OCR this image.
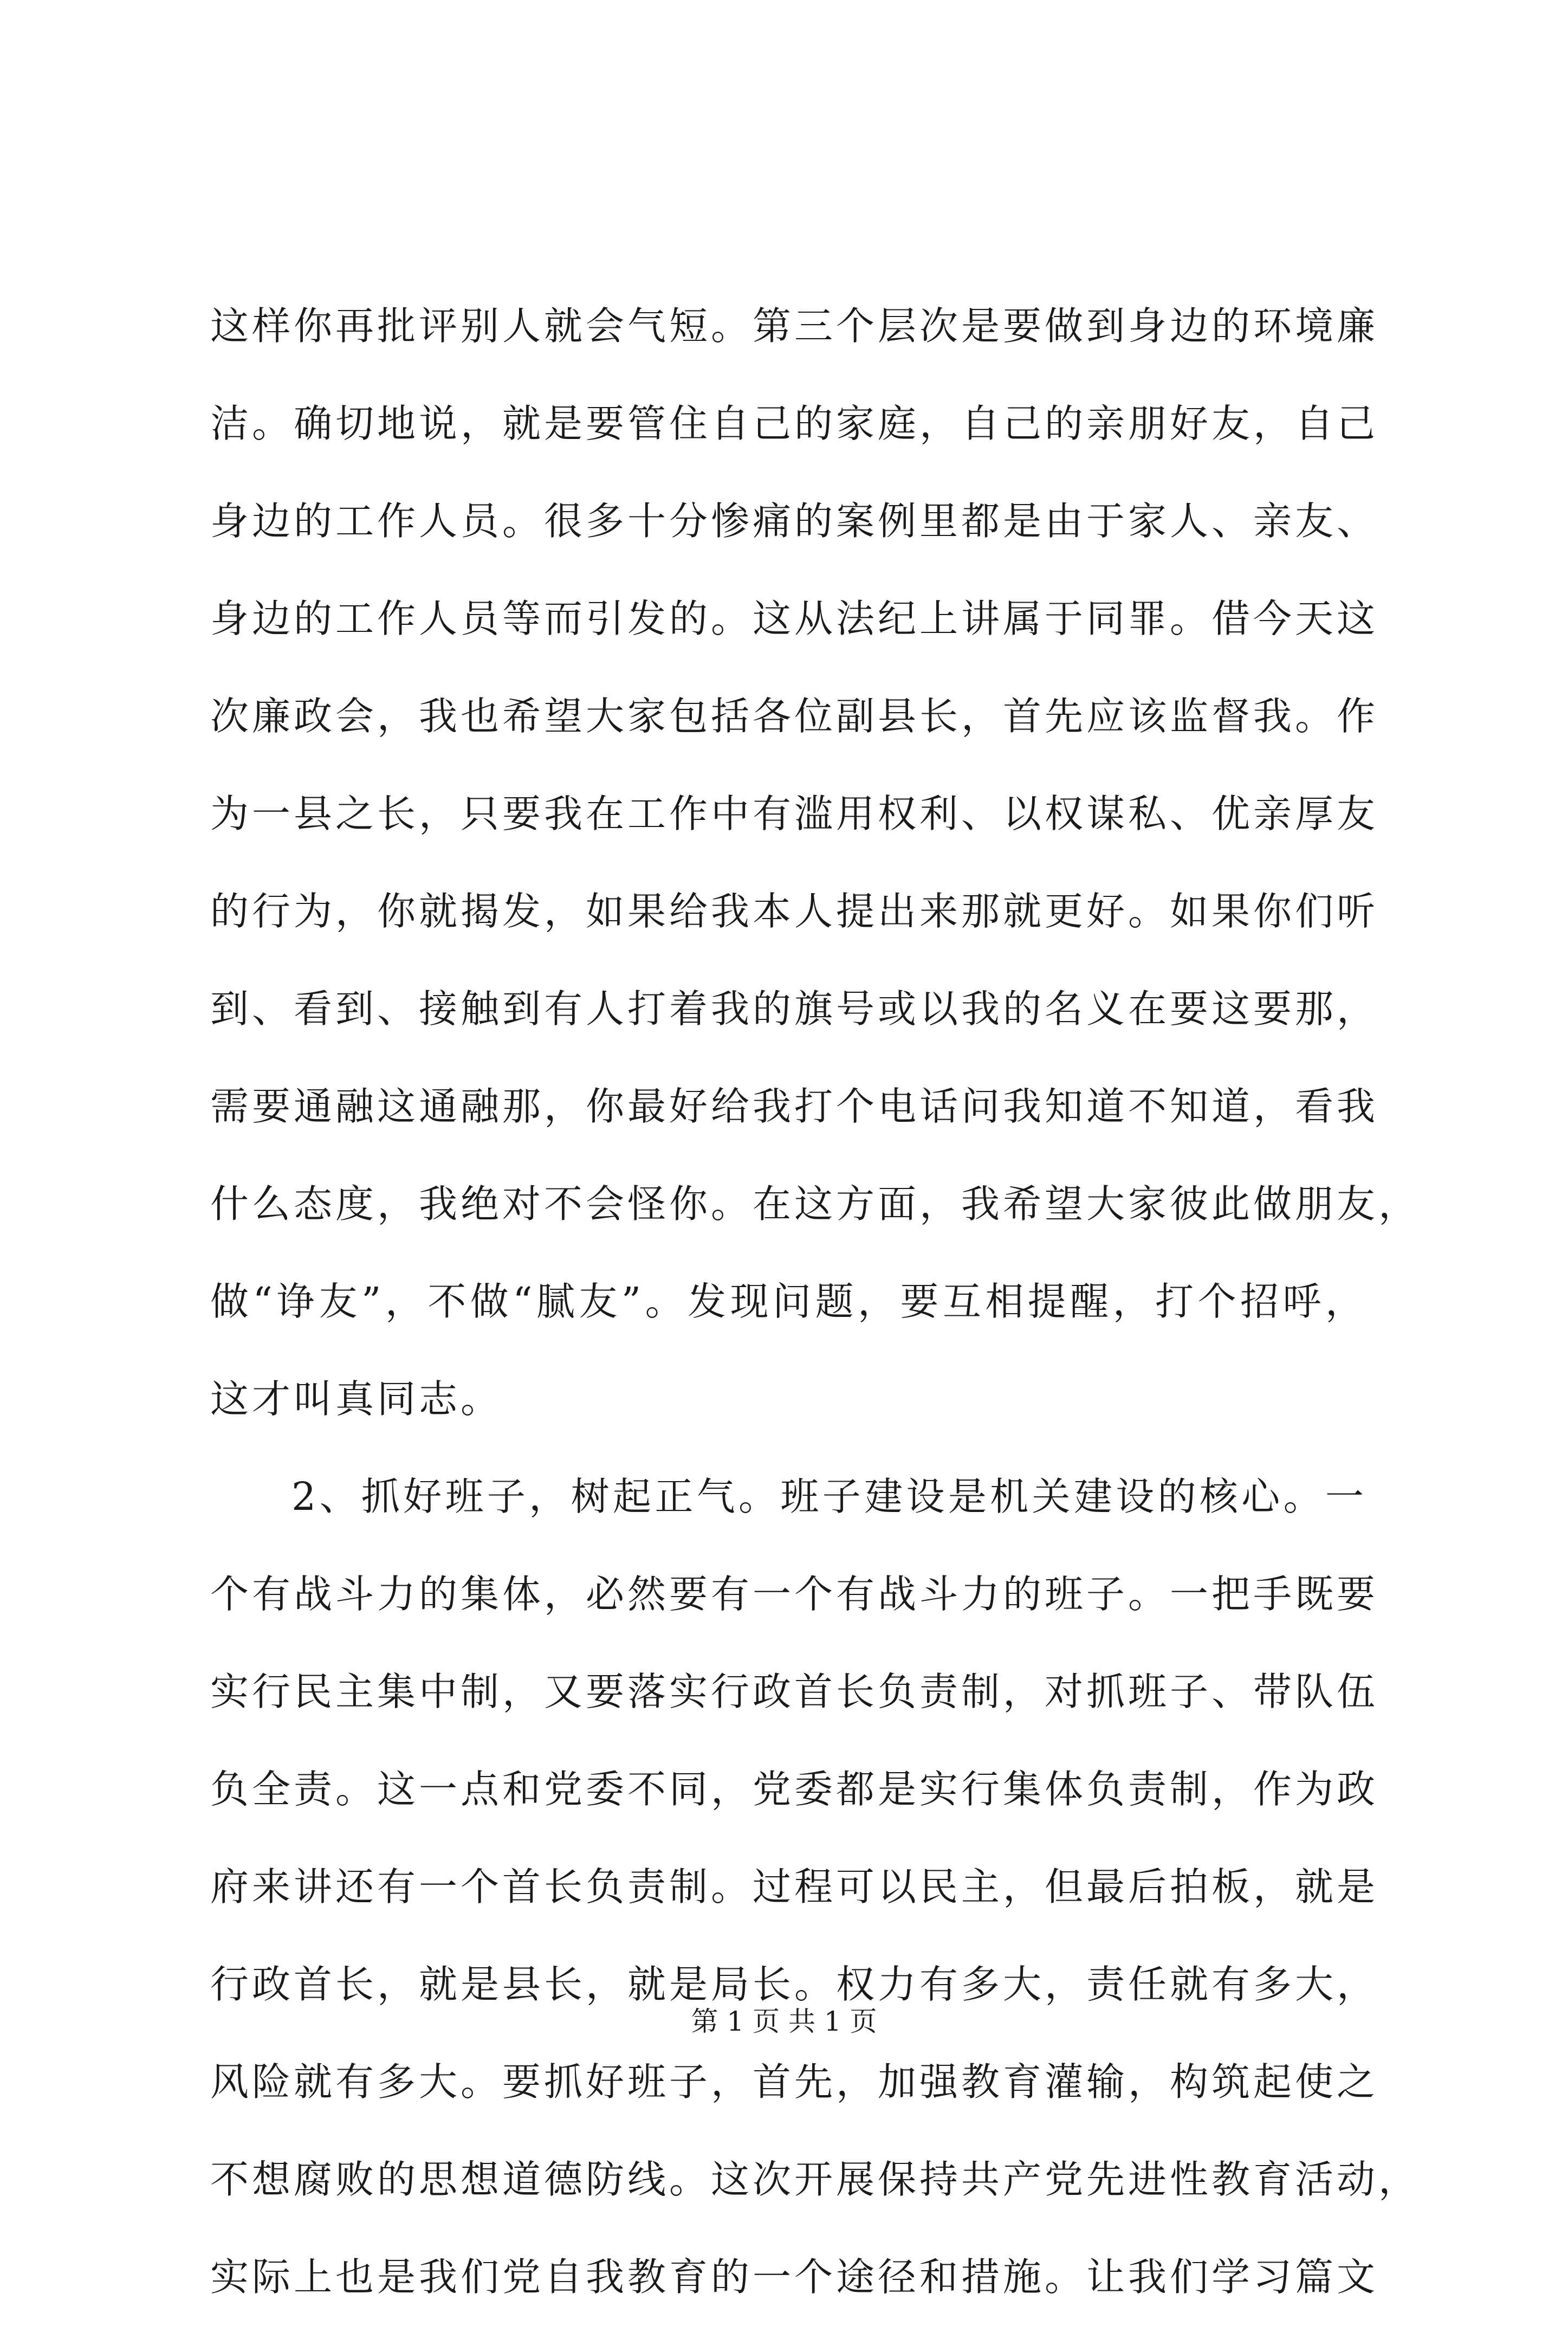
这样你再批评别人就会气短。第三个层次是要做到身边的环境廉
洁。确切地说，就是要管住自己的家庭，自己的亲朋好友，自己
身边的工作人员。很多十分惨痛的案例里都是由于家人、亲友、
身边的工作人员等而引发的。这从法纪上讲属于同罪。借今天这
次廉政会，我也希望大家包括各位副县长，首先应该监督我。作
为一县之长，只要我在工作中有滥用权利、以权谋私、优亲厚友
的行为，你就揭发，如果给我本人提出来那就更好。如果你们听
到、看到、接触到有人打着我的旗号或以我的名义在要这要那，
需要通融这通融那，你最好给我打个电话问我知道不知道，看我
什么态度，我绝对不会怪你。在这方面，我希望大家彼此做朋友，
做“诤友”，不做“腻友”。发现问题，要互相提醒，打个招呼，
这才叫真同志。
2、抓好班子，树起正气。班子建设是机关建设的核心。一
个有战斗力的集体，必然要有一个有战斗力的班子。一把手既要
实行民主集中制，又要落实行政首长负责制，对抓班子、带队伍
负全责。这一点和党委不同，党委都是实行集体负责制，作为政
府来讲还有一个首长负责制。过程可以民主，但最后拍板，就是
行政首长，就是县长，就是局长。权力有多大，责任就有多大，
风险就有多大。要抓好班子，首先，加强教育灌输，构筑起使之
不想腐败的思想道德防线。这次开展保持共产党先进性教育活动，
实际上也是我们党自我教育的一个途径和措施。让我们学习篇文
第 1 页 共 1 页
